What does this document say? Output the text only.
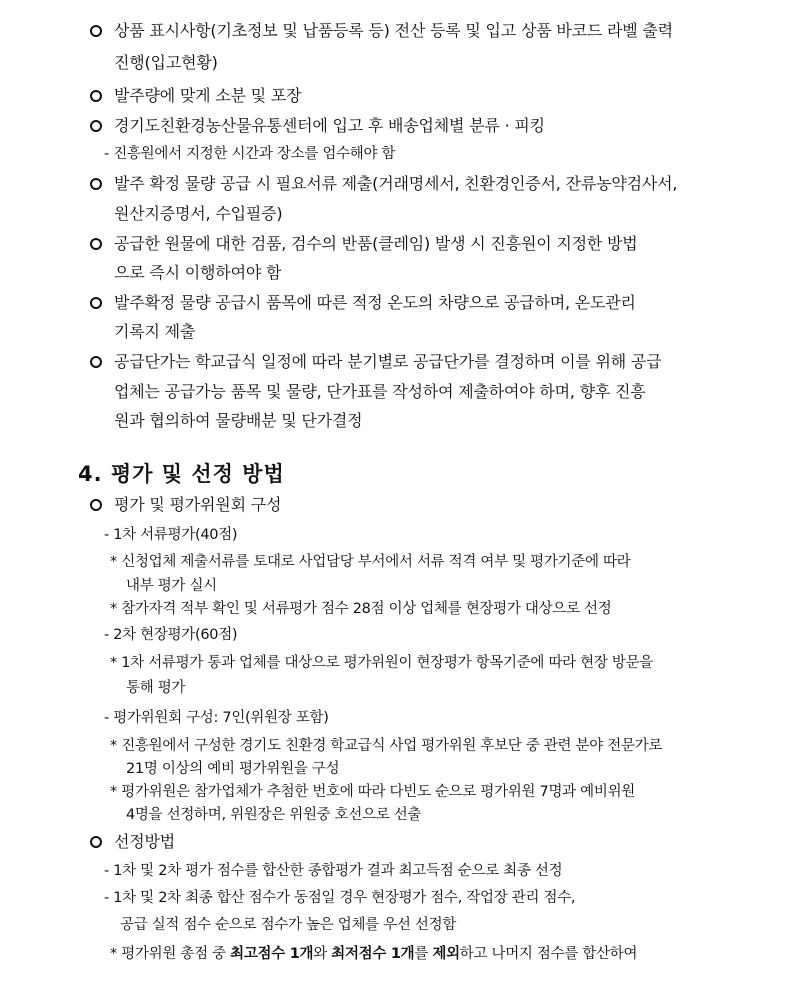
상품 표시사항(기초정보 및 납품등록 등) 전산 등록 및 입고 상품 바코드 라벨 출력

진행(입고현황)

발주량에 맞게 소분 및 포장

경기도친환경농산물유통센터에 입고 후 배송업체별 분류 · 피킹

- 진흥원에서 지정한 시간과 장소를 엄수해야 함

발주 확정 물량 공급 시 필요서류 제출(거래명세서, 친환경인증서, 잔류농약검사서,

원산지증명서, 수입필증)

공급한 원물에 대한 검품, 검수의 반품(클레임) 발생 시 진흥원이 지정한 방법

으로 즉시 이행하여야 함

발주확정 물량 공급시 품목에 따른 적정 온도의 차량으로 공급하며, 온도관리

기록지 제출

공급단가는 학교급식 일정에 따라 분기별로 공급단가를 결정하며 이를 위해 공급

업체는 공급가능 품목 및 물량, 단가표를 작성하여 제출하여야 하며, 향후 진흥

원과 협의하여 물량배분 및 단가결정

4. 평가 및 선정 방법

평가 및 평가위원회 구성

- 1차 서류평가(40점)

* 신청업체 제출서류를 토대로 사업담당 부서에서 서류 적격 여부 및 평가기준에 따라

내부 평가 실시

* 참가자격 적부 확인 및 서류평가 점수 28점 이상 업체를 현장평가 대상으로 선정

- 2차 현장평가(60점)

* 1차 서류평가 통과 업체를 대상으로 평가위원이 현장평가 항목기준에 따라 현장 방문을

통해 평가

- 평가위원회 구성: 7인(위원장 포함)

* 진흥원에서 구성한 경기도 친환경 학교급식 사업 평가위원 후보단 중 관련 분야 전문가로

21명 이상의 예비 평가위원을 구성

* 평가위원은 참가업체가 추첨한 번호에 따라 다빈도 순으로 평가위원 7명과 예비위원

4명을 선정하며, 위원장은 위원중 호선으로 선출

선정방법

- 1차 및 2차 평가 점수를 합산한 종합평가 결과 최고득점 순으로 최종 선정

- 1차 및 2차 최종 합산 점수가 동점일 경우 현장평가 점수, 작업장 관리 점수,

공급 실적 점수 순으로 점수가 높은 업체를 우선 선정함

* 평가위원 총점 중 최고점수 1개와 최저점수 1개를 제외하고 나머지 점수를 합산하여
